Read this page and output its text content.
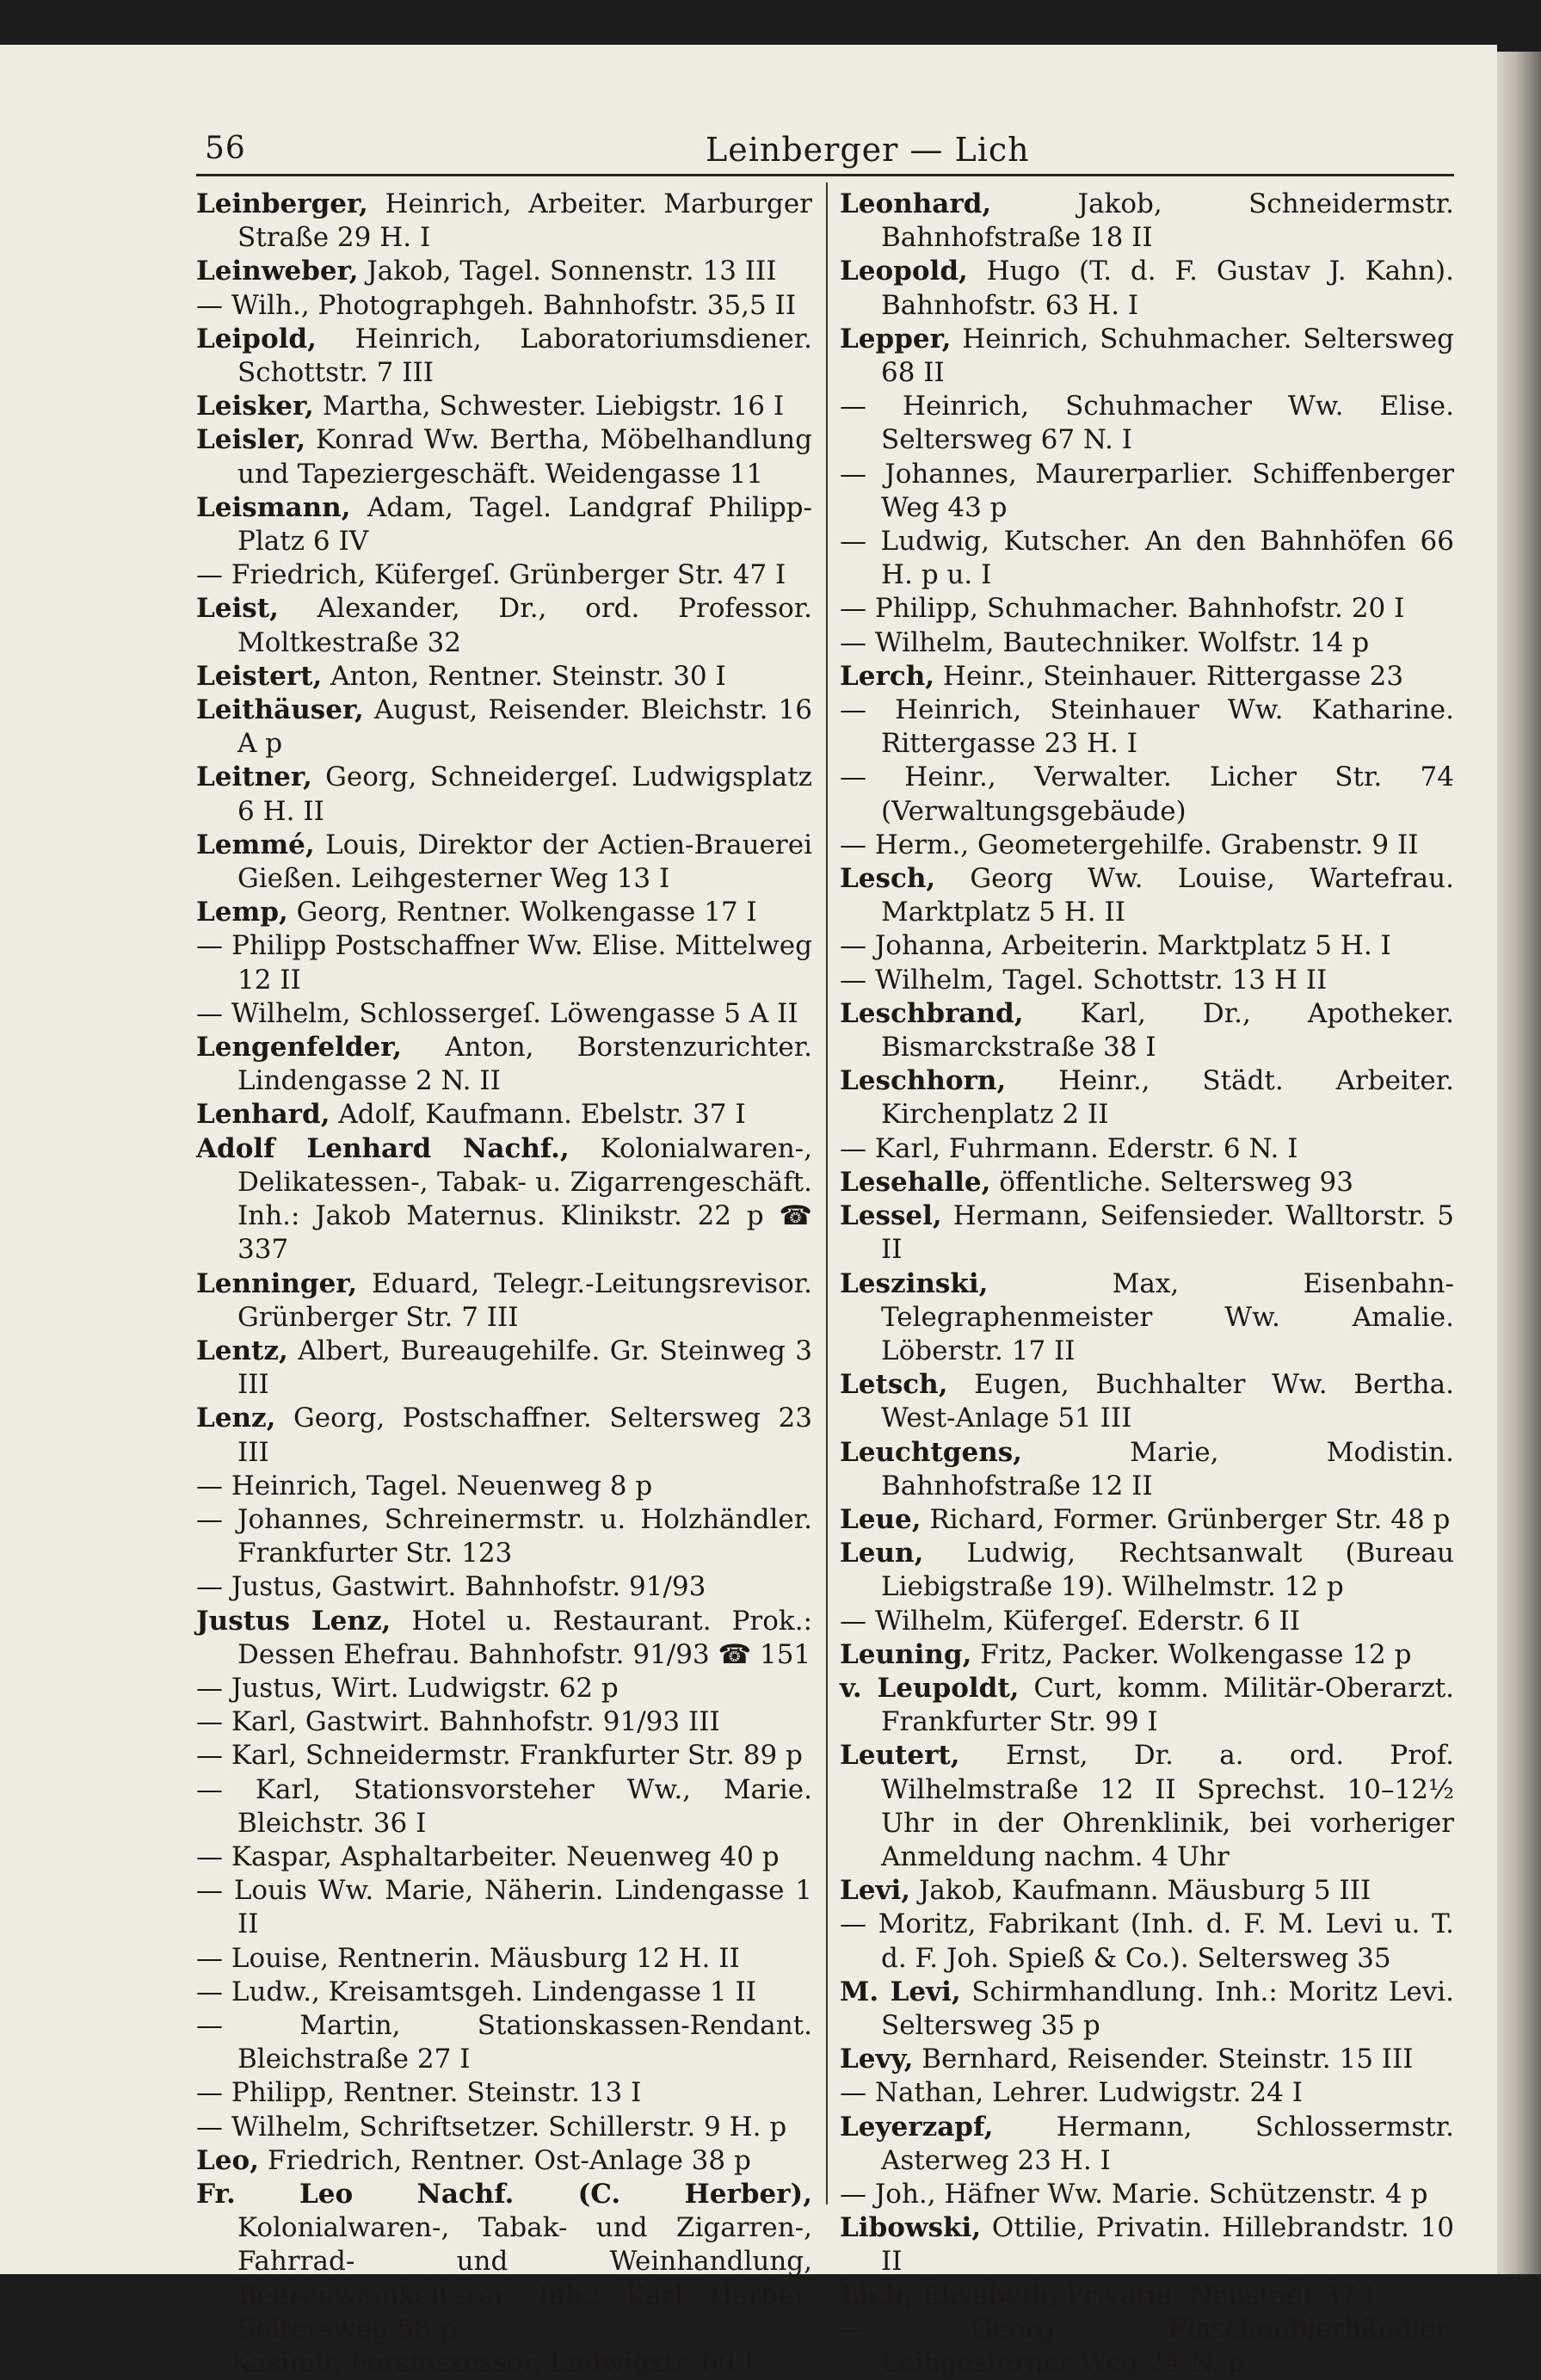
56	Leinberger — Lich

Leinberger, Heinrich, Arbeiter. Marburger Straße 29 H. I

Leinweber, Jakob, Tagel. Sonnenstr. 13 III

— Wilh., Photographgeh. Bahnhofstr. 35,5 II

Leipold, Heinrich, Laboratoriumsdiener. Schottstr. 7 III

Leisker, Martha, Schwester. Liebigstr. 16 I

Leisler, Konrad Ww. Bertha, Möbelhandlung und Tapeziergeschäft. Weidengasse 11

Leismann, Adam, Tagel. Landgraf Philipp-Platz 6 IV

— Friedrich, Küfergeſ. Grünberger Str. 47 I

Leist, Alexander, Dr., ord. Professor. Moltkestraße 32

Leistert, Anton, Rentner. Steinstr. 30 I

Leithäuser, August, Reisender. Bleichstr. 16 A p

Leitner, Georg, Schneidergeſ. Ludwigsplatz 6 H. II

Lemmé, Louis, Direktor der Actien-Brauerei Gießen. Leihgesterner Weg 13 I

Lemp, Georg, Rentner. Wolkengasse 17 I

— Philipp Postschaffner Ww. Elise. Mittelweg 12 II

— Wilhelm, Schlossergeſ. Löwengasse 5 A II

Lengenfelder, Anton, Borstenzurichter. Lindengasse 2 N. II

Lenhard, Adolf, Kaufmann. Ebelstr. 37 I

Adolf Lenhard Nachf., Kolonialwaren-, Delikatessen-, Tabak- u. Zigarrengeschäft. Inh.: Jakob Maternus. Klinikstr. 22 p ☎ 337

Lenninger, Eduard, Telegr.-Leitungsrevisor. Grünberger Str. 7 III

Lentz, Albert, Bureaugehilfe. Gr. Steinweg 3 III

Lenz, Georg, Postschaffner. Seltersweg 23 III

— Heinrich, Tagel. Neuenweg 8 p

— Johannes, Schreinermstr. u. Holzhändler. Frankfurter Str. 123

— Justus, Gastwirt. Bahnhofstr. 91/93

Justus Lenz, Hotel u. Restaurant. Prok.: Dessen Ehefrau. Bahnhofstr. 91/93 ☎ 151

— Justus, Wirt. Ludwigstr. 62 p

— Karl, Gastwirt. Bahnhofstr. 91/93 III

— Karl, Schneidermstr. Frankfurter Str. 89 p

— Karl, Stationsvorsteher Ww., Marie. Bleichstr. 36 I

— Kaspar, Asphaltarbeiter. Neuenweg 40 p

— Louis Ww. Marie, Näherin. Lindengasse 1 II

— Louise, Rentnerin. Mäusburg 12 H. II

— Ludw., Kreisamtsgeh. Lindengasse 1 II

— Martin, Stationskassen-Rendant. Bleichstraße 27 I

— Philipp, Rentner. Steinstr. 13 I

— Wilhelm, Schriftsetzer. Schillerstr. 9 H. p

Leo, Friedrich, Rentner. Ost-Anlage 38 p

Fr. Leo Nachf. (C. Herber), Kolonialwaren-, Tabak- und Zigarren-, Fahrrad- und Weinhandlung, Beerenweinkelterei. Inh.: Karl Herber. Seltersweg 58 p

— Kasimir, Forstassessor. Ludwigstr. 60 I

Leonhard,	Jakob, Schneidermstr. Bahnhofstraße 18 II

Leopold, Hugo (T. d. F. Gustav J. Kahn). Bahnhofstr. 63 H. I

Lepper, Heinrich, Schuhmacher. Seltersweg 68 II

— Heinrich, Schuhmacher Ww. Elise. Seltersweg 67 N. I

— Johannes, Maurerparlier. Schiffenberger Weg 43 p

— Ludwig, Kutscher. An den Bahnhöfen 66 H. p u. I

— Philipp, Schuhmacher. Bahnhofstr. 20 I

— Wilhelm, Bautechniker. Wolfstr. 14 p

Lerch, Heinr., Steinhauer. Rittergasse 23

— Heinrich, Steinhauer Ww. Katharine. Rittergasse 23 H. I

— Heinr., Verwalter. Licher Str. 74 (Verwaltungsgebäude)

— Herm., Geometergehilfe. Grabenstr. 9 II

Lesch, Georg Ww. Louise, Wartefrau. Marktplatz 5 H. II

— Johanna, Arbeiterin. Marktplatz 5 H. I

— Wilhelm, Tagel. Schottstr. 13 H II

Leschbrand, Karl, Dr., Apotheker. Bismarckstraße 38 I

Leschhorn, Heinr., Städt. Arbeiter. Kirchenplatz 2 II

— Karl, Fuhrmann. Ederstr. 6 N. I

Lesehalle, öffentliche. Seltersweg 93

Lessel, Hermann, Seifensieder. Walltorstr. 5 II

Leszinski,	Max, Eisenbahn-Telegraphenmeister Ww. Amalie. Löberstr. 17 II

Letsch, Eugen, Buchhalter Ww. Bertha. West-Anlage 51 III

Leuchtgens,	Marie, Modistin. Bahnhofstraße 12 II

Leue, Richard, Former. Grünberger Str. 48 p

Leun, Ludwig, Rechtsanwalt (Bureau Liebigstraße 19). Wilhelmstr. 12 p

— Wilhelm, Küfergeſ. Ederstr. 6 II

Leuning, Fritz, Packer. Wolkengasse 12 p

v. Leupoldt, Curt, komm. Militär-Oberarzt. Frankfurter Str. 99 I

Leutert, Ernst, Dr. a. ord. Prof. Wilhelmstraße 12 II Sprechst. 10–12½ Uhr in der Ohrenklinik, bei vorheriger Anmeldung nachm. 4 Uhr

Levi, Jakob, Kaufmann. Mäusburg 5 III

— Moritz, Fabrikant (Inh. d. F. M. Levi u. T. d. F. Joh. Spieß & Co.). Seltersweg 35

M. Levi, Schirmhandlung. Inh.: Moritz Levi. Seltersweg 35 p

Levy, Bernhard, Reisender. Steinstr. 15 III

— Nathan, Lehrer. Ludwigstr. 24 I

Leyerzapf, Hermann, Schlossermstr. Asterweg 23 H. I

— Joh., Häfner Ww. Marie. Schützenstr. 4 p

Libowski, Ottilie, Privatin. Hillebrandstr. 10 II

Lich, Elisabeth, Privatin. Neustadt 37 I

— Georg, Flaschenbierhändler. Leihgesterner Weg 24 N. p
